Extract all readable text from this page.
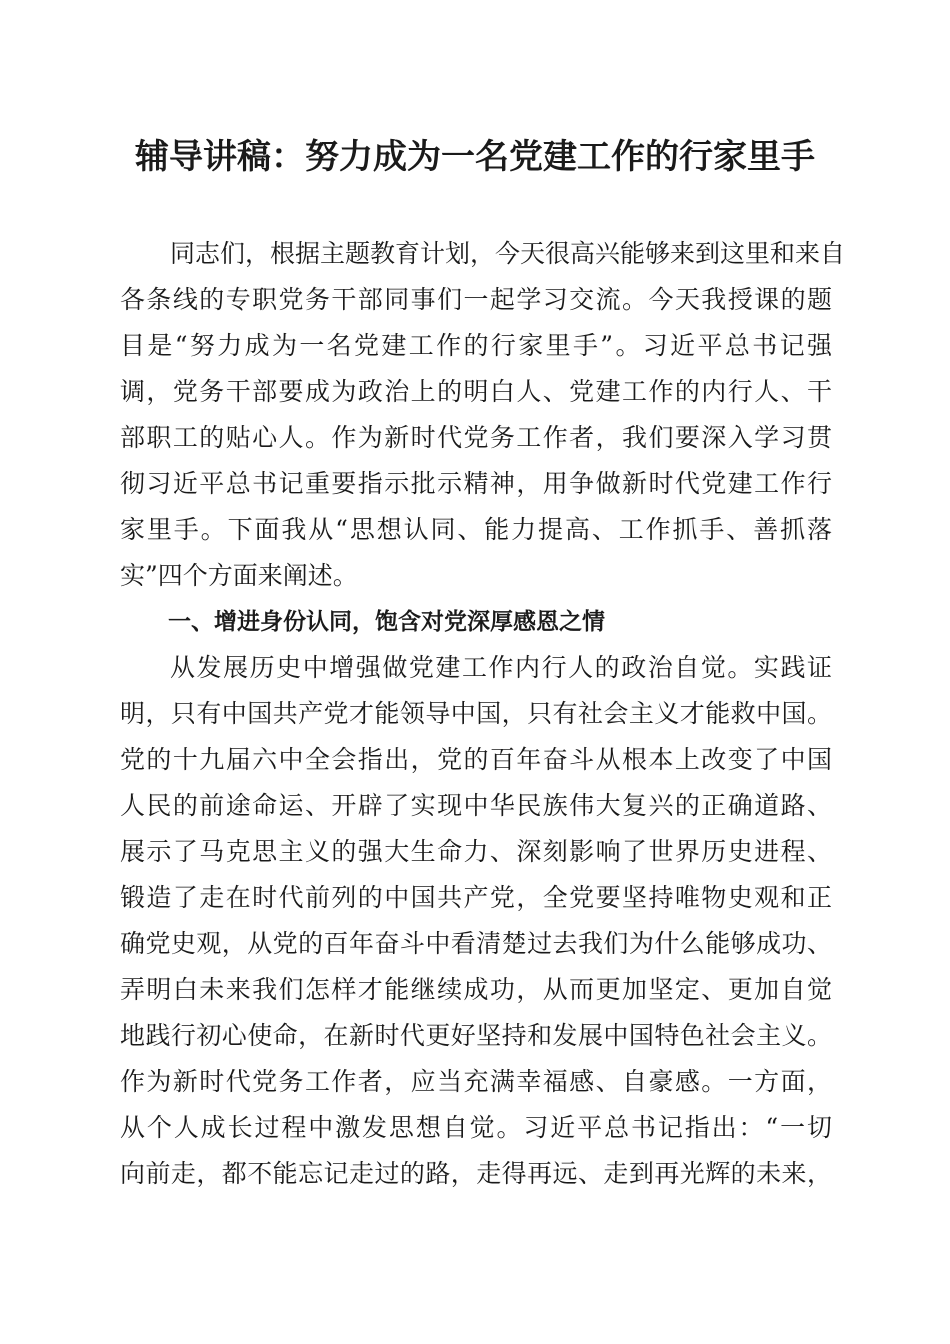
辅导讲稿：努力成为一名党建工作的行家里手
同志们，根据主题教育计划，今天很高兴能够来到这里和来自
各条线的专职党务干部同事们一起学习交流。今天我授课的题
目是“努力成为一名党建工作的行家里手”。习近平总书记强
调，党务干部要成为政治上的明白人、党建工作的内行人、干
部职工的贴心人。作为新时代党务工作者，我们要深入学习贯
彻习近平总书记重要指示批示精神，用争做新时代党建工作行
家里手。下面我从“思想认同、能力提高、工作抓手、善抓落
实”四个方面来阐述。
一、增进身份认同，饱含对党深厚感恩之情
从发展历史中增强做党建工作内行人的政治自觉。实践证
明，只有中国共产党才能领导中国，只有社会主义才能救中国。
党的十九届六中全会指出，党的百年奋斗从根本上改变了中国
人民的前途命运、开辟了实现中华民族伟大复兴的正确道路、
展示了马克思主义的强大生命力、深刻影响了世界历史进程、
锻造了走在时代前列的中国共产党，全党要坚持唯物史观和正
确党史观，从党的百年奋斗中看清楚过去我们为什么能够成功、
弄明白未来我们怎样才能继续成功，从而更加坚定、更加自觉
地践行初心使命，在新时代更好坚持和发展中国特色社会主义。
作为新时代党务工作者，应当充满幸福感、自豪感。一方面，
从个人成长过程中激发思想自觉。习近平总书记指出：“一切
向前走，都不能忘记走过的路，走得再远、走到再光辉的未来，
